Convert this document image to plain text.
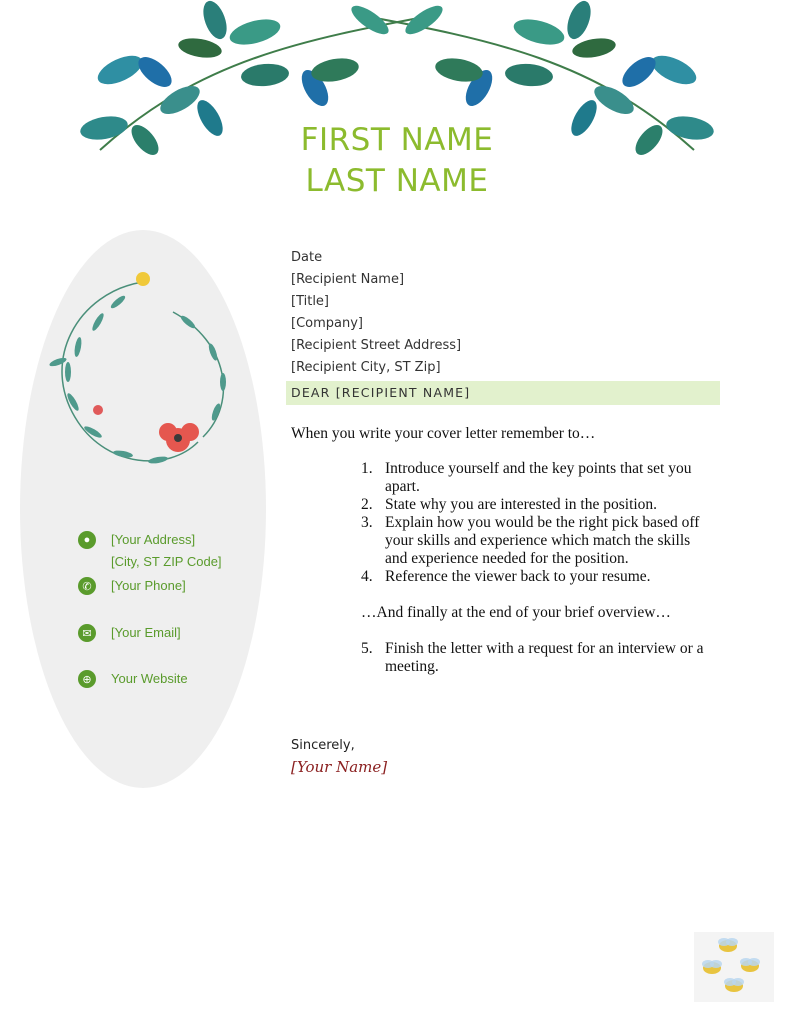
FIRST NAME
LAST NAME
●	[Your Address]
[City, ST ZIP Code]
✆	[Your Phone]
✉	[Your Email]
⊕	Your Website
Date
[Recipient Name]
[Title]
[Company]
[Recipient Street Address]
[Recipient City, ST Zip]
DEAR [RECIPIENT NAME]
When you write your cover letter remember to…
1. Introduce yourself and the key points that set you
apart.
2. State why you are interested in the position.
3. Explain how you would be the right pick based off
your skills and experience which match the skills
and experience needed for the position.
4. Reference the viewer back to your resume.
…And finally at the end of your brief overview…
5. Finish the letter with a request for an interview or a
meeting.
Sincerely,
[Your Name]
